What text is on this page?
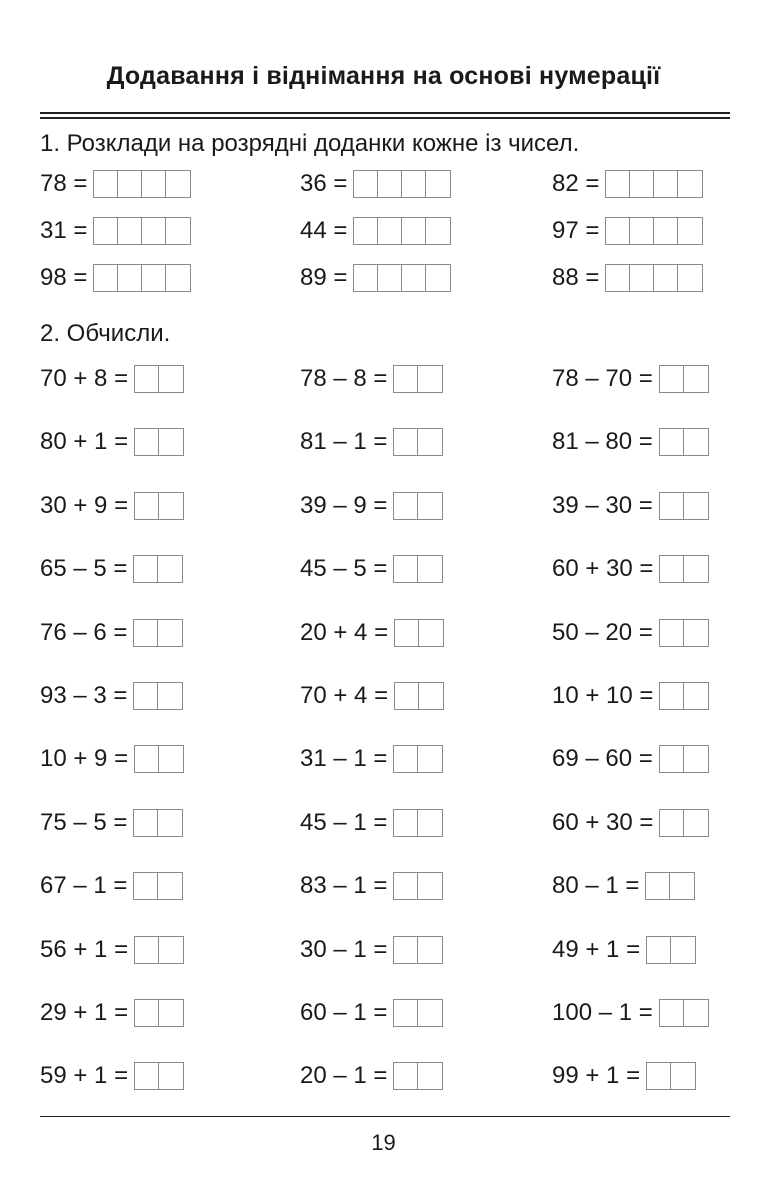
Додавання і віднімання на основі нумерації
1. Розклади на розрядні доданки кожне із чисел.
78 =	36 =	82 =
31 =	44 =	97 =
98 =	89 =	88 =
2. Обчисли.
70 + 8 =	78 – 8 =	78 – 70 =
80 + 1 =	81 – 1 =	81 – 80 =
30 + 9 =	39 – 9 =	39 – 30 =
65 – 5 =	45 – 5 =	60 + 30 =
76 – 6 =	20 + 4 =	50 – 20 =
93 – 3 =	70 + 4 =	10 + 10 =
10 + 9 =	31 – 1 =	69 – 60 =
75 – 5 =	45 – 1 =	60 + 30 =
67 – 1 =	83 – 1 =	80 – 1 =
56 + 1 =	30 – 1 =	49 + 1 =
29 + 1 =	60 – 1 =	100 – 1 =
59 + 1 =	20 – 1 =	99 + 1 =
19
